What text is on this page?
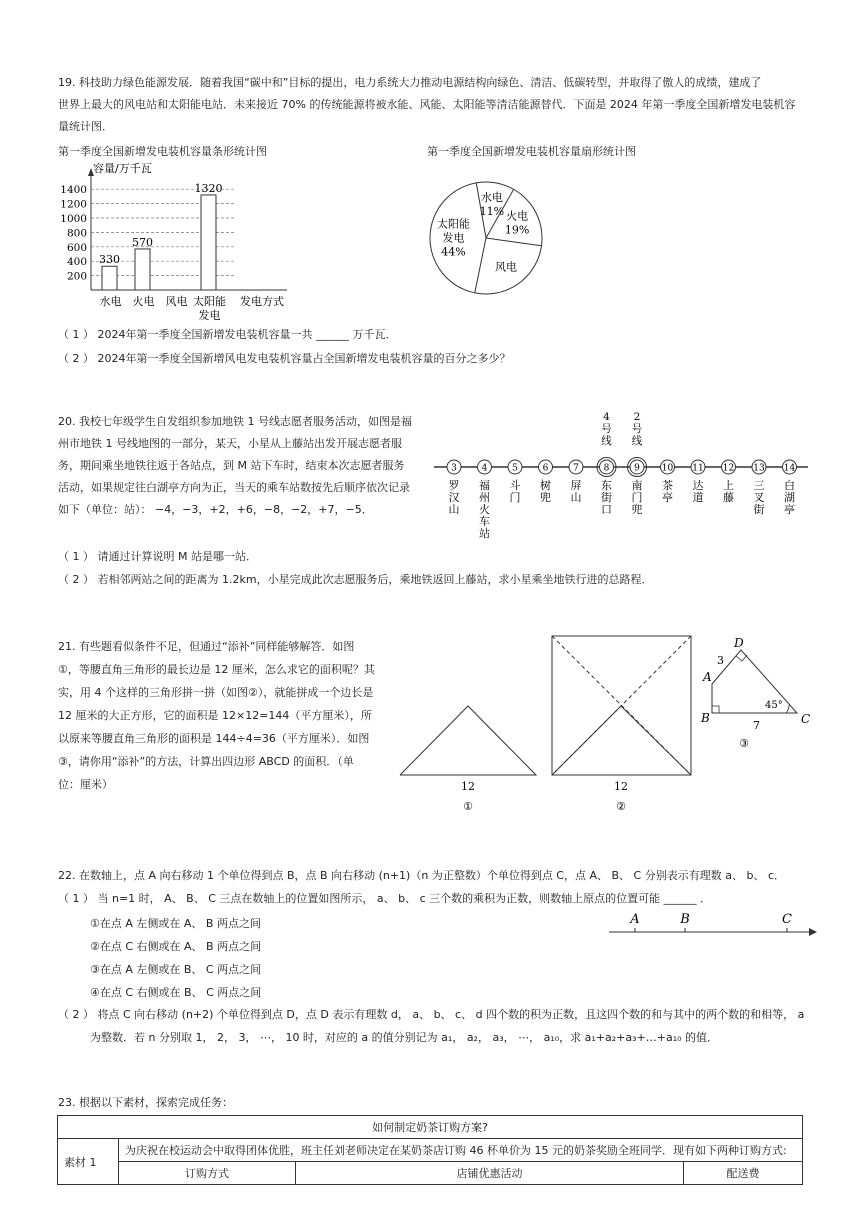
19. 科技助力绿色能源发展．随着我国“碳中和”目标的提出，电力系统大力推动电源结构向绿色、清洁、低碳转型，并取得了傲人的成绩，建成了
世界上最大的风电站和太阳能电站．未来接近 70% 的传统能源将被水能、风能、太阳能等清洁能源替代．下面是 2024 年第一季度全国新增发电装机容
量统计图．
第一季度全国新增发电装机容量条形统计图	第一季度全国新增发电装机容量扇形统计图
容量/万千瓦
200
400
600
800
1000
1200
1400
330
水电
570
火电 风电
1320
太阳能
发电
发电方式
水电
11% 火电
19%
风电
太阳能
发电
44%
（ 1 ） 2024年第一季度全国新增发电装机容量一共 ______ 万千瓦．
（ 2 ） 2024年第一季度全国新增风电发电装机容量占全国新增发电装机容量的百分之多少？
20. 我校七年级学生自发组织参加地铁 1 号线志愿者服务活动，如图是福
州市地铁 1 号线地图的一部分，某天，小星从上藤站出发开展志愿者服
务，期间乘坐地铁往返于各站点，到 M 站下车时，结束本次志愿者服务
活动，如果规定往白湖亭方向为正，当天的乘车站数按先后顺序依次记录
如下（单位：站）： −4，−3，+2，+6，−8，−2，+7，−5．
3
罗
汉
山
4
福
州
火
车
站
5
斗
门
6
树
兜
7
屏
山
8
东
街
口
9
南
门
兜
10
茶
亭
11
达
道
12
上
藤
13
三
叉
街
14
白
湖
亭
4
号
线
2
号
线
（ 1 ） 请通过计算说明 M 站是哪一站．
（ 2 ） 若相邻两站之间的距离为 1.2km，小星完成此次志愿服务后，乘地铁返回上藤站，求小星乘坐地铁行进的总路程．
21. 有些题看似条件不足，但通过“添补”同样能够解答．如图
①，等腰直角三角形的最长边是 12 厘米，怎么求它的面积呢？其
实，用 4 个这样的三角形拼一拼（如图②），就能拼成一个边长是
12 厘米的大正方形，它的面积是 12×12=144（平方厘米），所
以原来等腰直角三角形的面积是 144÷4=36（平方厘米）．如图
③，请你用“添补”的方法，计算出四边形 ABCD 的面积．（单
位：厘米）	12
①
12
②
A
B	C
D
3
7
45°
③
22. 在数轴上，点 A 向右移动 1 个单位得到点 B，点 B 向右移动 (n+1)（n 为正整数）个单位得到点 C，点 A、 B、 C 分别表示有理数 a、 b、 c．
（ 1 ） 当 n=1 时， A、 B、 C 三点在数轴上的位置如图所示， a、 b、 c 三个数的乘积为正数，则数轴上原点的位置可能 ______ ．
①在点 A 左侧或在 A、 B 两点之间
②在点 C 右侧或在 A、 B 两点之间
③在点 A 左侧或在 B、 C 两点之间
④在点 C 右侧或在 B、 C 两点之间
A	B	C
（ 2 ） 将点 C 向右移动 (n+2) 个单位得到点 D，点 D 表示有理数 d， a、 b、 c、 d 四个数的积为正数，且这四个数的和与其中的两个数的和相等， a
为整数．若 n 分别取 1， 2， 3， ⋯， 10 时，对应的 a 的值分别记为 a₁， a₂， a₃， ⋯， a₁₀，求 a₁+a₂+a₃+…+a₁₀ 的值．
23. 根据以下素材，探索完成任务：
如何制定奶茶订购方案?			
素材 1	为庆祝在校运动会中取得团体优胜，班主任刘老师决定在某奶茶店订购 46 杯单价为 15 元的奶茶奖励全班同学．现有如下两种订购方式:		
	订购方式	店铺优惠活动	配送费
